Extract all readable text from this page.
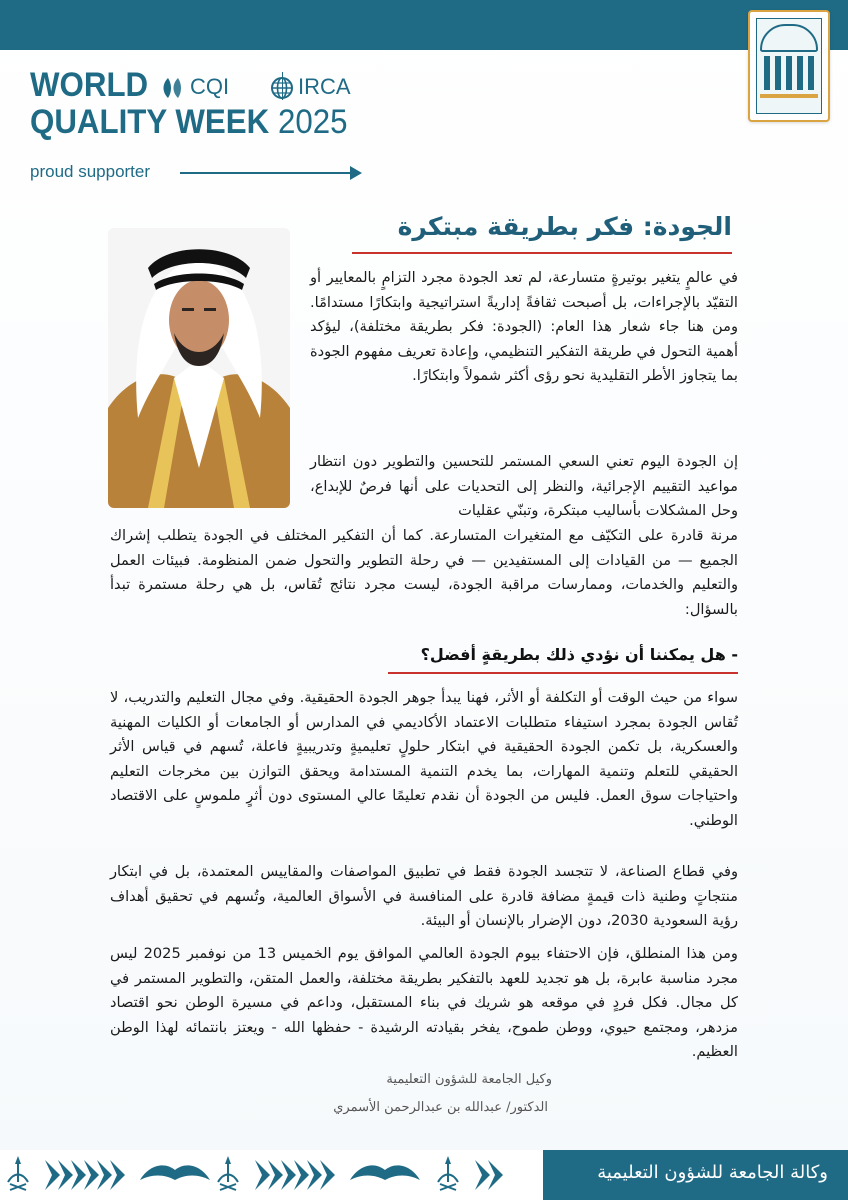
WORLD
QUALITY WEEK 2025
CQI	IRCA
proud supporter
الجودة: فكر بطريقة مبتكرة

في عالمٍ يتغير بوتيرةٍ متسارعة، لم تعد الجودة مجرد التزامٍ بالمعايير أو التقيّد بالإجراءات، بل أصبحت ثقافةً إداريةً استراتيجية وابتكارًا مستدامًا. ومن هنا جاء شعار هذا العام: (الجودة: فكر بطريقة مختلفة)، ليؤكد أهمية التحول في طريقة التفكير التنظيمي، وإعادة تعريف مفهوم الجودة بما يتجاوز الأطر التقليدية نحو رؤى أكثر شمولاً وابتكارًا.

إن الجودة اليوم تعني السعي المستمر للتحسين والتطوير دون انتظار مواعيد التقييم الإجرائية، والنظر إلى التحديات على أنها فرصٌ للإبداع، وحل المشكلات بأساليب مبتكرة، وتبنّي عقليات

مرنة قادرة على التكيّف مع المتغيرات المتسارعة. كما أن التفكير المختلف في الجودة يتطلب إشراك الجميع — من القيادات إلى المستفيدين — في رحلة التطوير والتحول ضمن المنظومة. فبيئات العمل والتعليم والخدمات، وممارسات مراقبة الجودة، ليست مجرد نتائج تُقاس، بل هي رحلة مستمرة تبدأ بالسؤال:

- هل يمكننا أن نؤدي ذلك بطريقةٍ أفضل؟

سواء من حيث الوقت أو التكلفة أو الأثر، فهنا يبدأ جوهر الجودة الحقيقية. وفي مجال التعليم والتدريب، لا تُقاس الجودة بمجرد استيفاء متطلبات الاعتماد الأكاديمي في المدارس أو الجامعات أو الكليات المهنية والعسكرية، بل تكمن الجودة الحقيقية في ابتكار حلولٍ تعليميةٍ وتدريبيةٍ فاعلة، تُسهم في قياس الأثر الحقيقي للتعلم وتنمية المهارات، بما يخدم التنمية المستدامة ويحقق التوازن بين مخرجات التعليم واحتياجات سوق العمل. فليس من الجودة أن نقدم تعليمًا عالي المستوى دون أثرٍ ملموسٍ على الاقتصاد الوطني.

وفي قطاع الصناعة، لا تتجسد الجودة فقط في تطبيق المواصفات والمقاييس المعتمدة، بل في ابتكار منتجاتٍ وطنية ذات قيمةٍ مضافة قادرة على المنافسة في الأسواق العالمية، وتُسهم في تحقيق أهداف رؤية السعودية 2030، دون الإضرار بالإنسان أو البيئة.

ومن هذا المنطلق، فإن الاحتفاء بيوم الجودة العالمي الموافق يوم الخميس 13 من نوفمبر 2025 ليس مجرد مناسبة عابرة، بل هو تجديد للعهد بالتفكير بطريقة مختلفة، والعمل المتقن، والتطوير المستمر في كل مجال. فكل فردٍ في موقعه هو شريك في بناء المستقبل، وداعم في مسيرة الوطن نحو اقتصاد مزدهر، ومجتمع حيوي، ووطن طموح، يفخر بقيادته الرشيدة - حفظها الله - ويعتز بانتمائه لهذا الوطن العظيم.

وكيل الجامعة للشؤون التعليمية
الدكتور/ عبدالله بن عبدالرحمن الأسمري
وكالة الجامعة للشؤون التعليمية
